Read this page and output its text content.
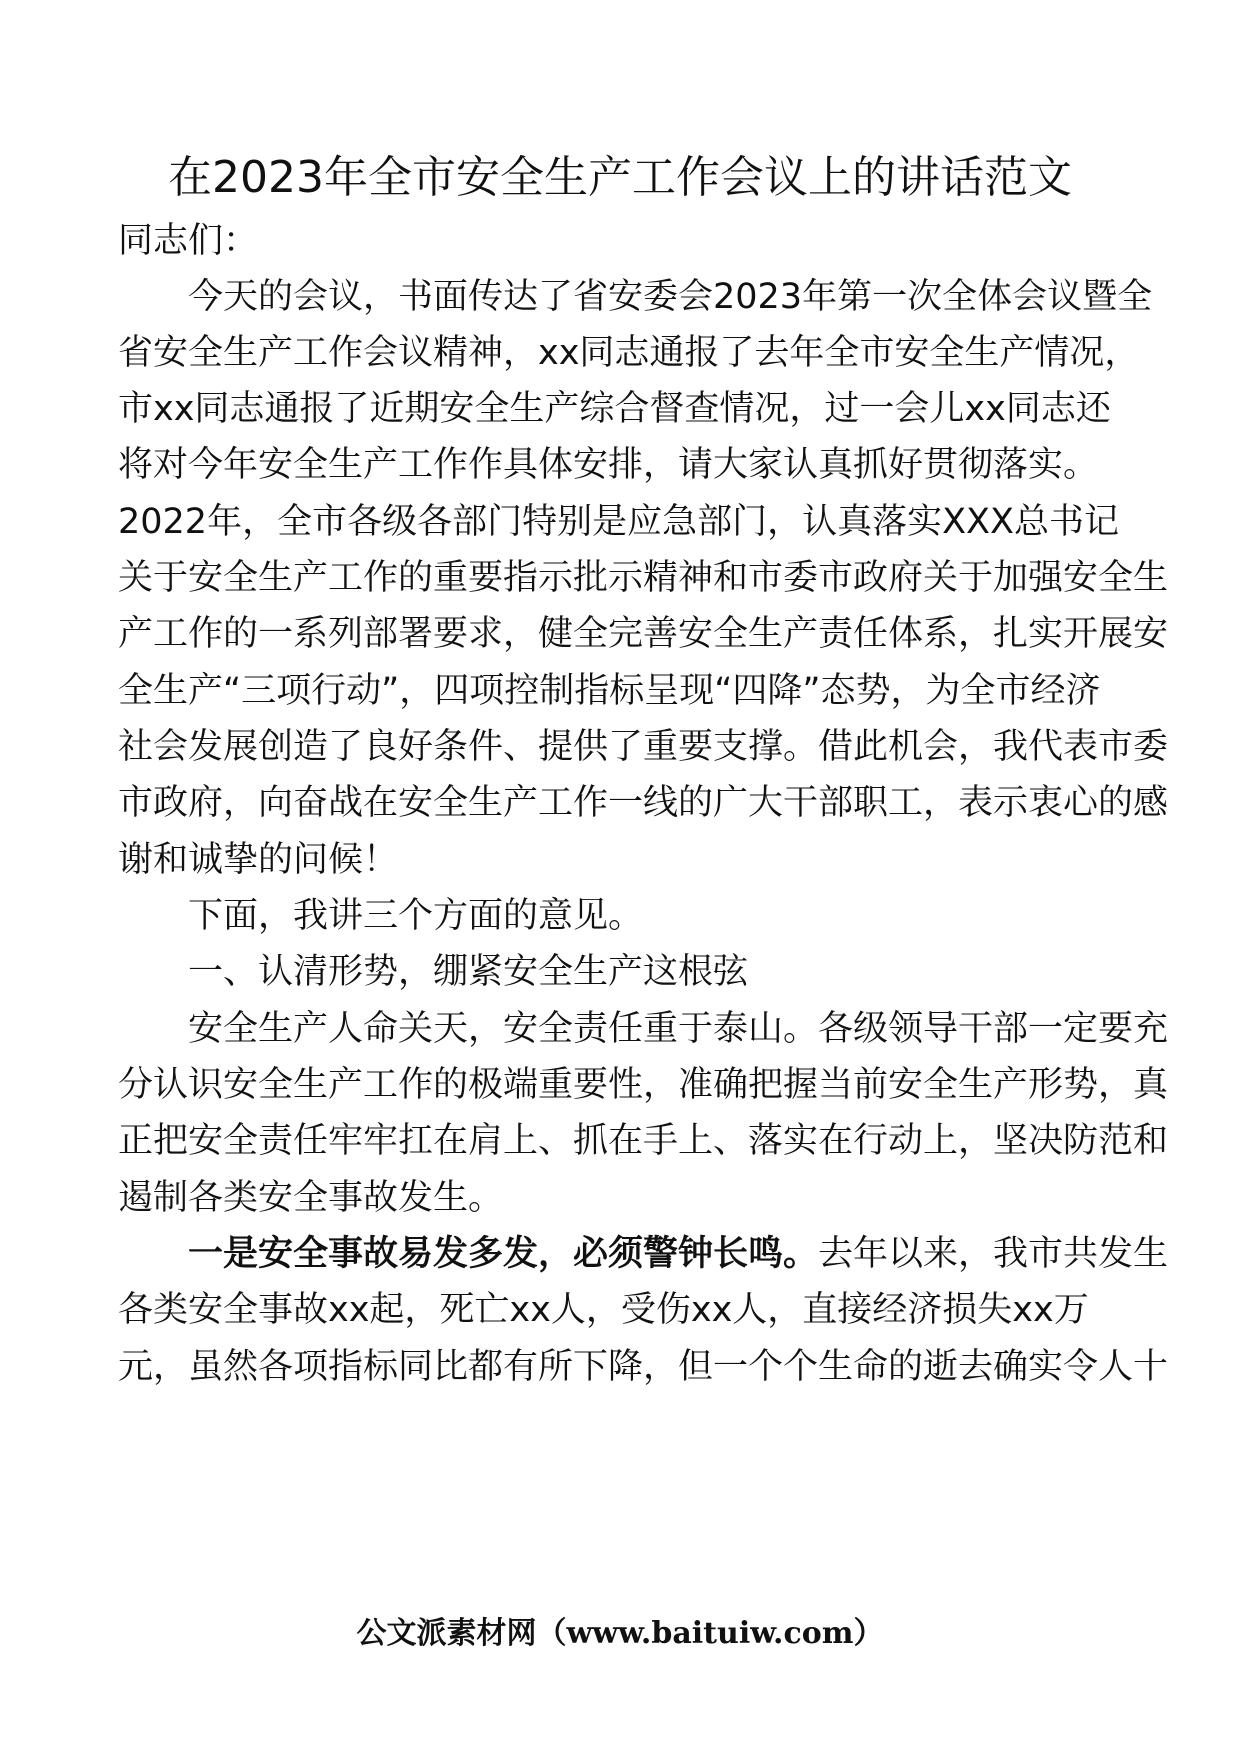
在2023年全市安全生产工作会议上的讲话范文
同志们：
今天的会议，书面传达了省安委会2023年第一次全体会议暨全
省安全生产工作会议精神，xx同志通报了去年全市安全生产情况，
市xx同志通报了近期安全生产综合督查情况，过一会儿xx同志还
将对今年安全生产工作作具体安排，请大家认真抓好贯彻落实。
2022年，全市各级各部门特别是应急部门，认真落实XXX总书记
关于安全生产工作的重要指示批示精神和市委市政府关于加强安全生
产工作的一系列部署要求，健全完善安全生产责任体系，扎实开展安
全生产“三项行动”，四项控制指标呈现“四降”态势，为全市经济
社会发展创造了良好条件、提供了重要支撑。借此机会，我代表市委
市政府，向奋战在安全生产工作一线的广大干部职工，表示衷心的感
谢和诚挚的问候！
下面，我讲三个方面的意见。
一、认清形势，绷紧安全生产这根弦
安全生产人命关天，安全责任重于泰山。各级领导干部一定要充
分认识安全生产工作的极端重要性，准确把握当前安全生产形势，真
正把安全责任牢牢扛在肩上、抓在手上、落实在行动上，坚决防范和
遏制各类安全事故发生。
一是安全事故易发多发，必须警钟长鸣。去年以来，我市共发生
各类安全事故xx起，死亡xx人，受伤xx人，直接经济损失xx万
元，虽然各项指标同比都有所下降，但一个个生命的逝去确实令人十
公文派素材网（www.baituiw.com）
